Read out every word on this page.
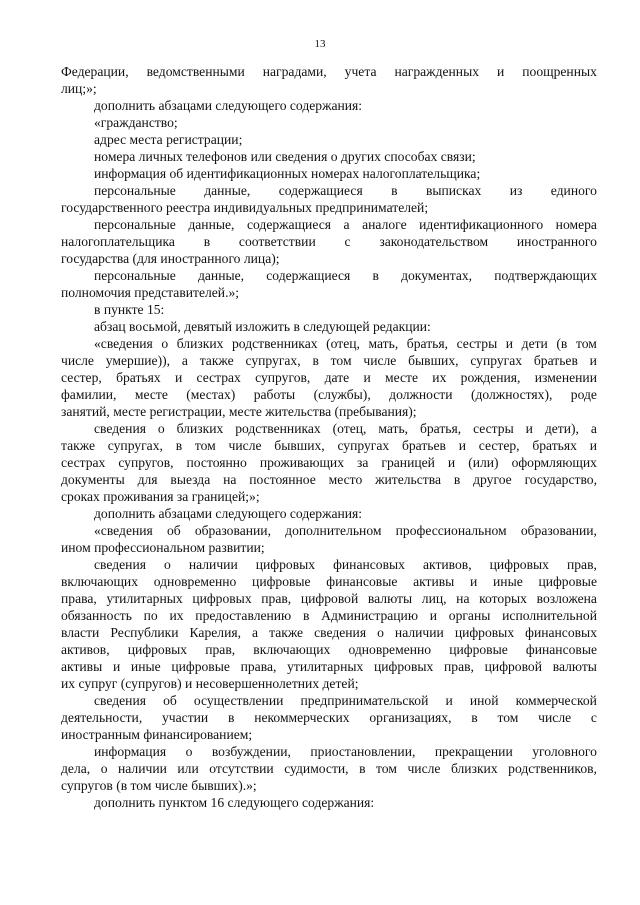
13
Федерации, ведомственными наградами, учета награжденных и поощренных
лиц;»;
дополнить абзацами следующего содержания:
«гражданство;
адрес места регистрации;
номера личных телефонов или сведения о других способах связи;
информация об идентификационных номерах налогоплательщика;
персональные данные, содержащиеся в выписках из единого
государственного реестра индивидуальных предпринимателей;
персональные данные, содержащиеся а аналоге идентификационного номера
налогоплательщика в соответствии с законодательством иностранного
государства (для иностранного лица);
персональные данные, содержащиеся в документах, подтверждающих
полномочия представителей.»;
в пункте 15:
абзац восьмой, девятый изложить в следующей редакции:
«сведения о близких родственниках (отец, мать, братья, сестры и дети (в том
числе умершие)), а также супругах, в том числе бывших, супругах братьев и
сестер, братьях и сестрах супругов, дате и месте их рождения, изменении
фамилии, месте (местах) работы (службы), должности (должностях), роде
занятий, месте регистрации, месте жительства (пребывания);
сведения о близких родственниках (отец, мать, братья, сестры и дети), а
также супругах, в том числе бывших, супругах братьев и сестер, братьях и
сестрах супругов, постоянно проживающих за границей и (или) оформляющих
документы для выезда на постоянное место жительства в другое государство,
сроках проживания за границей;»;
дополнить абзацами следующего содержания:
«сведения об образовании, дополнительном профессиональном образовании,
ином профессиональном развитии;
сведения о наличии цифровых финансовых активов, цифровых прав,
включающих одновременно цифровые финансовые активы и иные цифровые
права, утилитарных цифровых прав, цифровой валюты лиц, на которых возложена
обязанность по их предоставлению в Администрацию и органы исполнительной
власти Республики Карелия, а также сведения о наличии цифровых финансовых
активов, цифровых прав, включающих одновременно цифровые финансовые
активы и иные цифровые права, утилитарных цифровых прав, цифровой валюты
их супруг (супругов) и несовершеннолетних детей;
сведения об осуществлении предпринимательской и иной коммерческой
деятельности, участии в некоммерческих организациях, в том числе с
иностранным финансированием;
информация о возбуждении, приостановлении, прекращении уголовного
дела, о наличии или отсутствии судимости, в том числе близких родственников,
супругов (в том числе бывших).»;
дополнить пунктом 16 следующего содержания:
